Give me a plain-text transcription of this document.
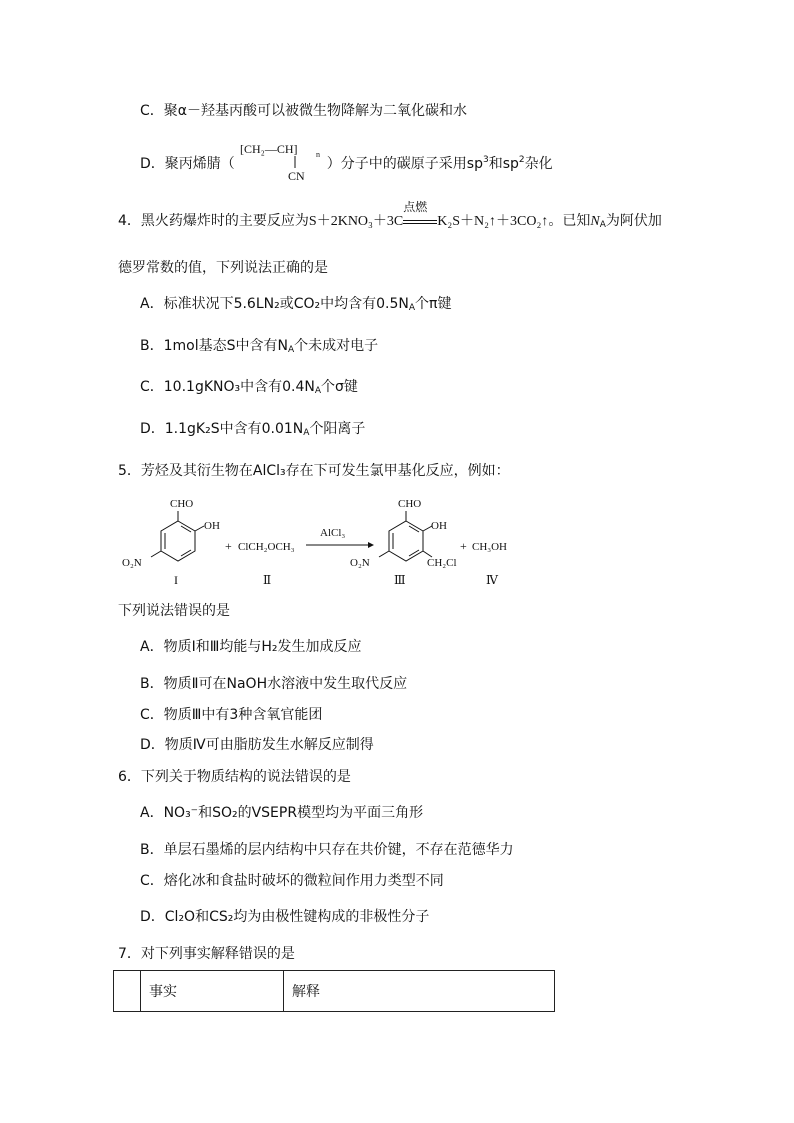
C．聚α－羟基丙酸可以被微生物降解为二氧化碳和水
D．聚丙烯腈（	）分子中的碳原子采用$sp^3$和$sp^2$杂化
[CH₂—CH] n
CN
4．黑火药爆炸时的主要反应为S＋2KNO₃＋3C
点燃
K₂S＋N₂↑＋3CO₂↑。已知$N_A$为阿伏加
德罗常数的值，下列说法正确的是
A．标准状况下5.6LN₂或CO₂中均含有$0.5N_A$个π键
B．1mol基态S中含有$N_A$个未成对电子
C．10.1gKNO₃中含有$0.4N_A$个σ键
D．1.1gK₂S中含有$0.01N_A$个阳离子
5．芳烃及其衍生物在AlCl₃存在下可发生氯甲基化反应，例如：
CHO
OH
O₂N
I
+ ClCH₂OCH₃
Ⅱ
AlCl₃
CHO
OH
CH₂Cl
O₂N
Ⅲ
+ CH₃OH
Ⅳ
下列说法错误的是
A．物质Ⅰ和Ⅲ均能与H₂发生加成反应
B．物质Ⅱ可在NaOH水溶液中发生取代反应
C．物质Ⅲ中有3种含氧官能团
D．物质Ⅳ可由脂肪发生水解反应制得
6．下列关于物质结构的说法错误的是
A．NO₃⁻和SO₂的VSEPR模型均为平面三角形
B．单层石墨烯的层内结构中只存在共价键，不存在范德华力
C．熔化冰和食盐时破坏的微粒间作用力类型不同
D．Cl₂O和CS₂均为由极性键构成的非极性分子
7．对下列事实解释错误的是
	事实	解释
